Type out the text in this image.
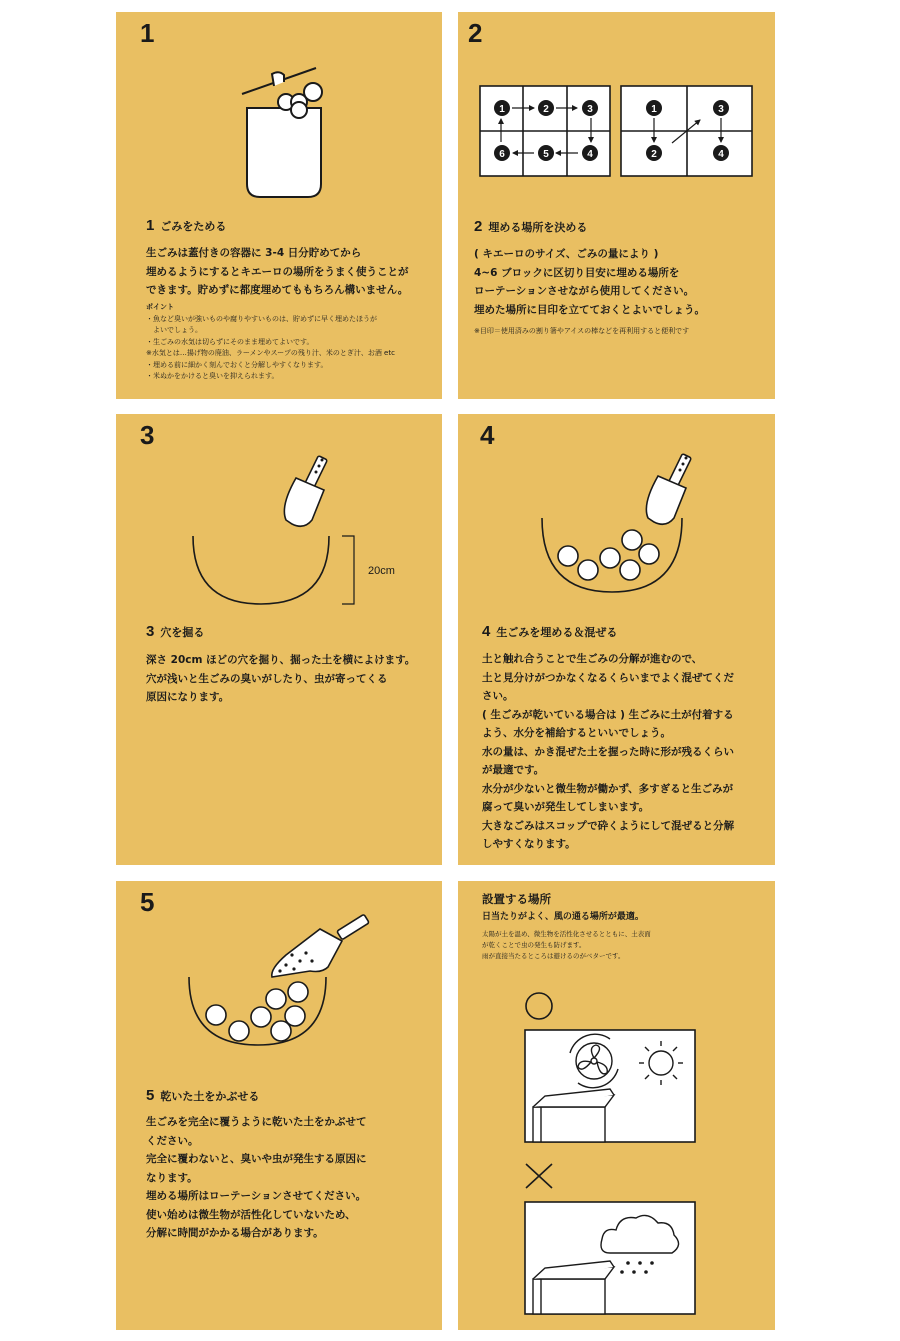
1
1 ごみをためる

生ごみは蓋付きの容器に 3-4 日分貯めてから

埋めるようにするとキエーロの場所をうまく使うことが

できます。貯めずに都度埋めてももちろん構いません。

ポイント

・魚など臭いが強いものや腐りやすいものは、貯めずに早く埋めたほうが

　よいでしょう。

・生ごみの水気は切らずにそのまま埋めてよいです。

※水気とは…揚げ物の廃油、ラーメンやスープの残り汁、米のとぎ汁、お酒 etc

・埋める前に細かく刻んでおくと分解しやすくなります。

・米ぬかをかけると臭いを抑えられます。

2
1	2	3
4
5
6
1	3
2	4
2 埋める場所を決める

( キエーロのサイズ、ごみの量により )

4~6 ブロックに区切り目安に埋める場所を

ローテーションさせながら使用してください。

埋めた場所に目印を立てておくとよいでしょう。

※目印＝使用済みの割り箸やアイスの棒などを再利用すると便利です

3
20cm
3 穴を掘る

深さ 20cm ほどの穴を掘り、掘った土を横によけます。

穴が浅いと生ごみの臭いがしたり、虫が寄ってくる

原因になります。

4
4 生ごみを埋める＆混ぜる

土と触れ合うことで生ごみの分解が進むので、

土と見分けがつかなくなるくらいまでよく混ぜてくだ

さい。

( 生ごみが乾いている場合は ) 生ごみに土が付着する

よう、水分を補給するといいでしょう。

水の量は、かき混ぜた土を握った時に形が残るくらい

が最適です。

水分が少ないと微生物が働かず、多すぎると生ごみが

腐って臭いが発生してしまいます。

大きなごみはスコップで砕くようにして混ぜると分解

しやすくなります。

5
5 乾いた土をかぶせる

生ごみを完全に覆うように乾いた土をかぶせて

ください。

完全に覆わないと、臭いや虫が発生する原因に

なります。

埋める場所はローテーションさせてください。

使い始めは微生物が活性化していないため、

分解に時間がかかる場合があります。

設置する場所

日当たりがよく、風の通る場所が最適。

太陽が土を温め、微生物を活性化させるとともに、土表面

が乾くことで虫の発生も防げます。

雨が直接当たるところは避けるのがベターです。
